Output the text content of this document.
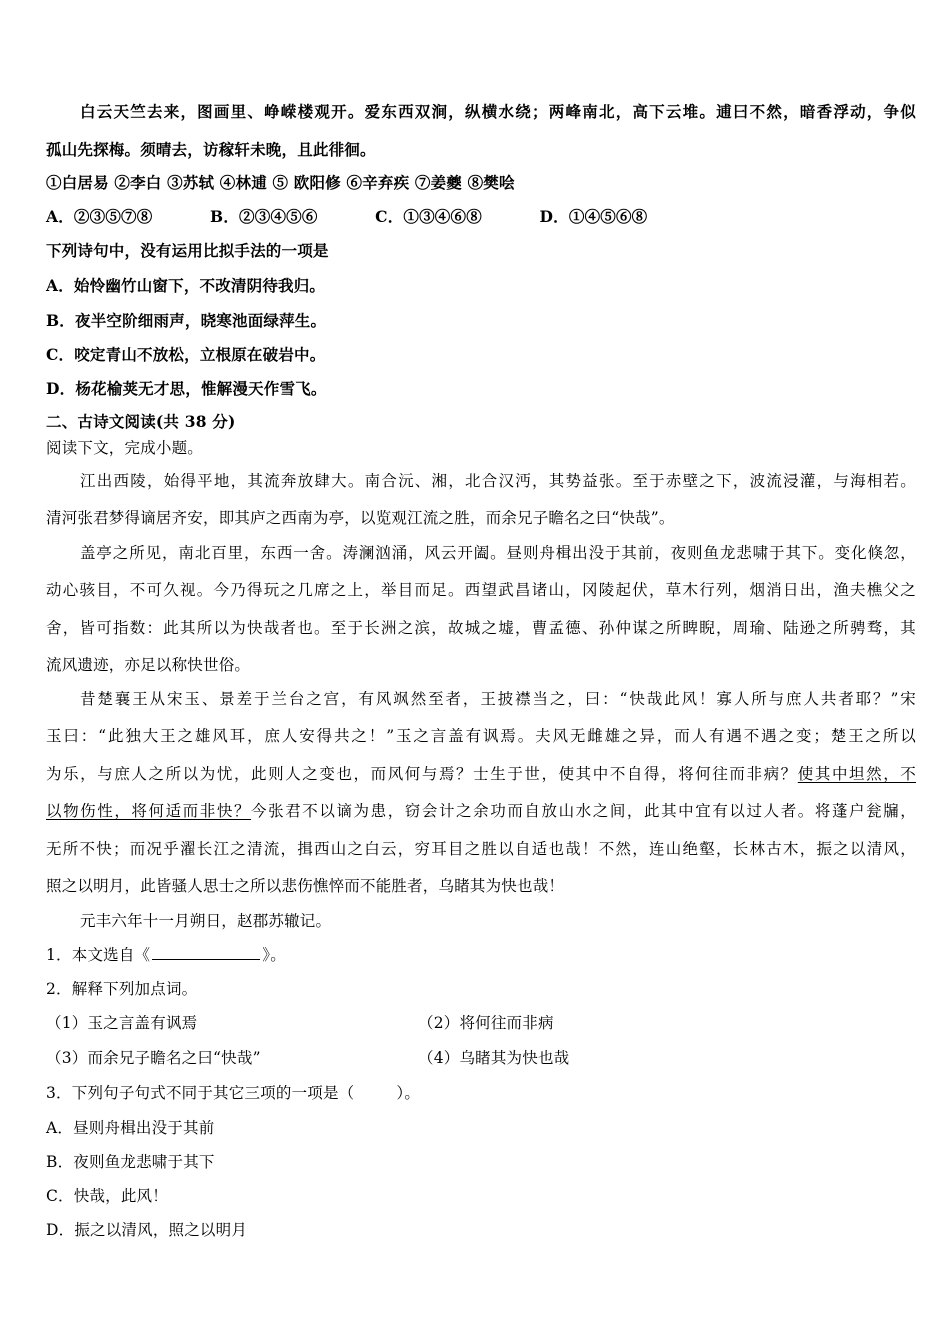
白云天竺去来，图画里、峥嵘楼观开。爱东西双涧，纵横水绕；两峰南北，高下云堆。逋曰不然，暗香浮动，争似
孤山先探梅。须晴去，访稼轩未晚，且此徘徊。
①白居易 ②李白 ③苏轼 ④林逋 ⑤ 欧阳修 ⑥辛弃疾 ⑦姜夔 ⑧樊哙
A．②③⑤⑦⑧	B．②③④⑤⑥	C．①③④⑥⑧	D．①④⑤⑥⑧
下列诗句中，没有运用比拟手法的一项是
A．始怜幽竹山窗下，不改清阴待我归。
B．夜半空阶细雨声，晓寒池面绿萍生。
C．咬定青山不放松，立根原在破岩中。
D．杨花榆荚无才思，惟解漫天作雪飞。
二、古诗文阅读(共 38 分)
阅读下文，完成小题。
江出西陵，始得平地，其流奔放肆大。南合沅、湘，北合汉沔，其势益张。至于赤壁之下，波流浸灌，与海相若。
清河张君梦得谪居齐安，即其庐之西南为亭，以览观江流之胜，而余兄子瞻名之曰“快哉”。
盖亭之所见，南北百里，东西一舍。涛澜汹涌，风云开阖。昼则舟楫出没于其前，夜则鱼龙悲啸于其下。变化倏忽，
动心骇目，不可久视。今乃得玩之几席之上，举目而足。西望武昌诸山，冈陵起伏，草木行列，烟消日出，渔夫樵父之
舍，皆可指数：此其所以为快哉者也。至于长洲之滨，故城之墟，曹孟德、孙仲谋之所睥睨，周瑜、陆逊之所骋骛，其
流风遗迹，亦足以称快世俗。
昔楚襄王从宋玉、景差于兰台之宫，有风飒然至者，王披襟当之，曰：“快哉此风！寡人所与庶人共者耶？”宋
玉曰：“此独大王之雄风耳，庶人安得共之！”玉之言盖有讽焉。夫风无雌雄之异，而人有遇不遇之变；楚王之所以
为乐，与庶人之所以为忧，此则人之变也，而风何与焉？士生于世，使其中不自得，将何往而非病？使其中坦然，不
以物伤性，将何适而非快？今张君不以谪为患，窃会计之余功而自放山水之间，此其中宜有以过人者。将蓬户瓮牖，
无所不快；而况乎濯长江之清流，揖西山之白云，穷耳目之胜以自适也哉！不然，连山绝壑，长林古木，振之以清风，
照之以明月，此皆骚人思士之所以悲伤憔悴而不能胜者，乌睹其为快也哉！
元丰六年十一月朔日，赵郡苏辙记。
1．本文选自《	》。
2．解释下列加点词。
（1）玉之言盖有讽焉	（2）将何往而非病
（3）而余兄子瞻名之曰“快哉”	（4）乌睹其为快也哉
3．下列句子句式不同于其它三项的一项是（	）。
A．昼则舟楫出没于其前
B．夜则鱼龙悲啸于其下
C．快哉，此风！
D．振之以清风，照之以明月
